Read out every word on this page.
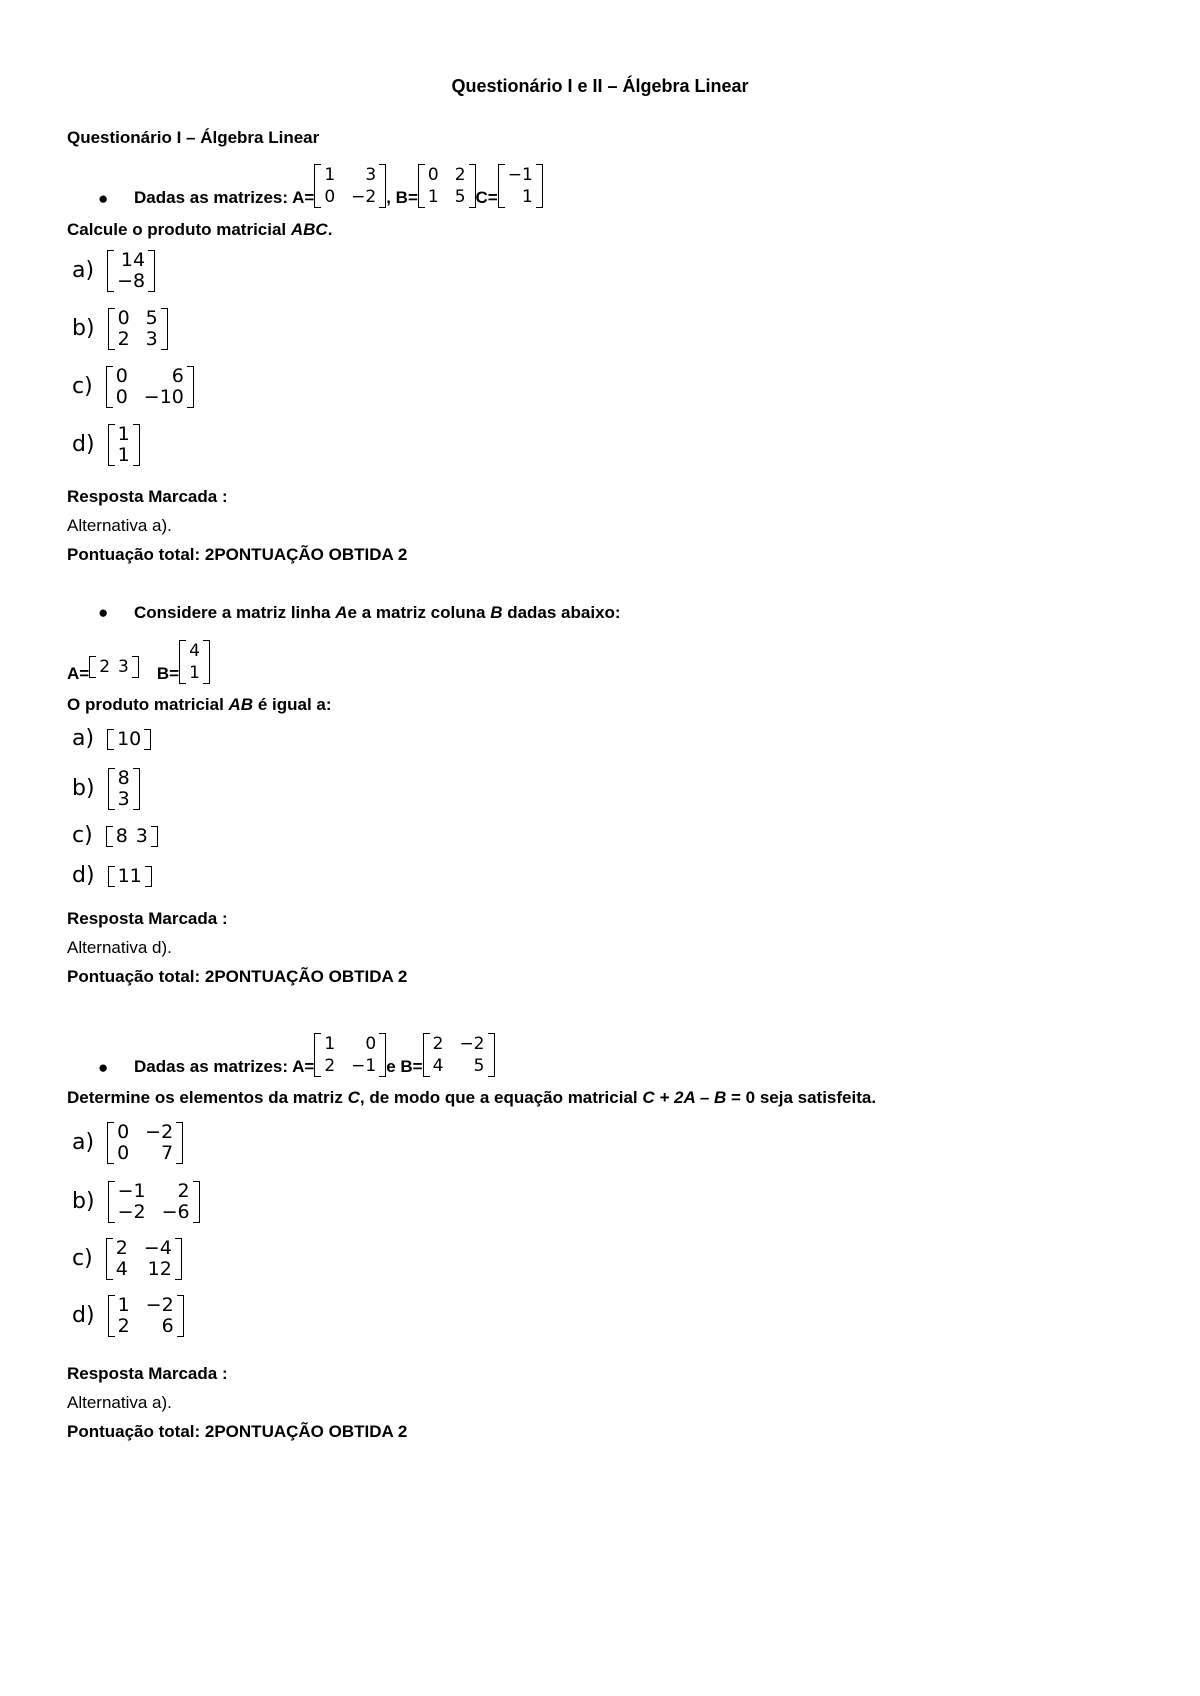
Questionário I e II – Álgebra Linear
Questionário I – Álgebra Linear
● Dadas as matrizes: A=
1	3
0 −2 , B=
0 2
1 5 C=
−1
1
Calcule o produto matricial ABC.
a) 14
−8
b) 0 5
2 3
c) 0	6
0 −10
d) 1
1
Resposta Marcada :
Alternativa a).
Pontuação total: 2PONTUAÇÃO OBTIDA 2
● Considere a matriz linha Ae a matriz coluna B dadas abaixo:
A= 2 3 B=
4
1
O produto matricial AB é igual a:
a) 10
b) 8
3
c) 8 3
d) 11
Resposta Marcada :
Alternativa d).
Pontuação total: 2PONTUAÇÃO OBTIDA 2
● Dadas as matrizes: A=
1	0
2 −1 e B=
2 −2
4	5
Determine os elementos da matriz C, de modo que a equação matricial C + 2A – B = 0 seja satisfeita.
a) 0 −2
0	7
b) −1	2
−2 −6
c) 2 −4
4 12
d) 1 −2
2	6
Resposta Marcada :
Alternativa a).
Pontuação total: 2PONTUAÇÃO OBTIDA 2
